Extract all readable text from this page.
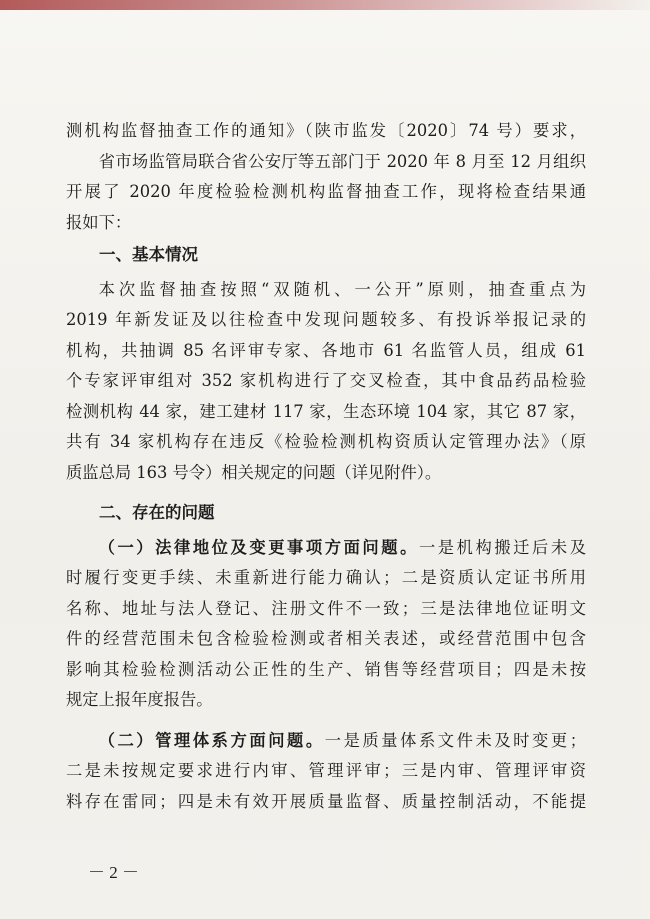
测机构监督抽查工作的通知》（陕市监发〔2020〕74 号）要求，

省市场监管局联合省公安厅等五部门于 2020 年 8 月至 12 月组织

开展了 2020 年度检验检测机构监督抽查工作，现将检查结果通

报如下：

一、基本情况

本次监督抽查按照“双随机、一公开”原则，抽查重点为

2019 年新发证及以往检查中发现问题较多、有投诉举报记录的

机构，共抽调 85 名评审专家、各地市 61 名监管人员，组成 61

个专家评审组对 352 家机构进行了交叉检查，其中食品药品检验

检测机构 44 家，建工建材 117 家，生态环境 104 家，其它 87 家，

共有 34 家机构存在违反《检验检测机构资质认定管理办法》（原

质监总局 163 号令）相关规定的问题（详见附件）。

二、存在的问题

（一）法律地位及变更事项方面问题。一是机构搬迁后未及

时履行变更手续、未重新进行能力确认；二是资质认定证书所用

名称、地址与法人登记、注册文件不一致；三是法律地位证明文

件的经营范围未包含检验检测或者相关表述，或经营范围中包含

影响其检验检测活动公正性的生产、销售等经营项目；四是未按

规定上报年度报告。

（二）管理体系方面问题。一是质量体系文件未及时变更；

二是未按规定要求进行内审、管理评审；三是内审、管理评审资

料存在雷同；四是未有效开展质量监督、质量控制活动，不能提

－ 2 －
